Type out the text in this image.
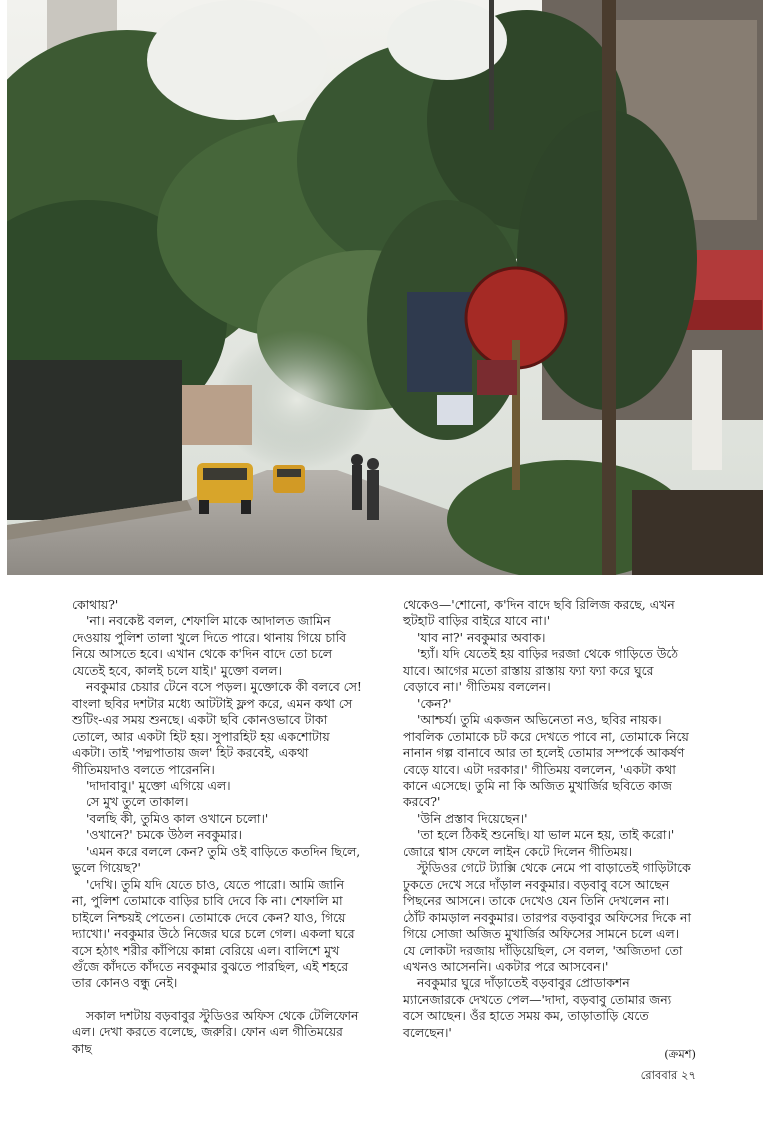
কোথায়?'

'না। নবকেষ্ট বলল, শেফালি মাকে আদালত জামিন দেওয়ায় পুলিশ তালা খুলে দিতে পারে। থানায় গিয়ে চাবি নিয়ে আসতে হবে। এখান থেকে ক'দিন বাদে তো চলে যেতেই হবে, কালই চলে যাই।' মুক্তো বলল।

নবকুমার চেয়ার টেনে বসে পড়ল। মুক্তোকে কী বলবে সে! বাংলা ছবির দশটার মধ্যে আটটাই ফ্লপ করে, এমন কথা সে শুটিং-এর সময় শুনছে। একটা ছবি কোনওভাবে টাকা তোলে, আর একটা হিট হয়। সুপারহিট হয় একশোটায় একটা। তাই 'পদ্মপাতায় জল' হিট করবেই, একথা গীতিময়দাও বলতে পারেননি।

'দাদাবাবু।' মুক্তো এগিয়ে এল।

সে মুখ তুলে তাকাল।

'বলছি কী, তুমিও কাল ওখানে চলো।'

'ওখানে?' চমকে উঠল নবকুমার।

'এমন করে বললে কেন? তুমি ওই বাড়িতে কতদিন ছিলে, ভুলে গিয়েছ?'

'দেখি। তুমি যদি যেতে চাও, যেতে পারো। আমি জানি না, পুলিশ তোমাকে বাড়ির চাবি দেবে কি না। শেফালি মা চাইলে নিশ্চয়ই পেতেন। তোমাকে দেবে কেন? যাও, গিয়ে দ্যাখো।' নবকুমার উঠে নিজের ঘরে চলে গেল। একলা ঘরে বসে হঠাৎ শরীর কাঁপিয়ে কান্না বেরিয়ে এল। বালিশে মুখ গুঁজে কাঁদতে কাঁদতে নবকুমার বুঝতে পারছিল, এই শহরে তার কোনও বন্ধু নেই।

সকাল দশটায় বড়বাবুর স্টুডিওর অফিস থেকে টেলিফোন এল। দেখা করতে বলেছে, জরুরি। ফোন এল গীতিময়ের কাছ

থেকেও—'শোনো, ক'দিন বাদে ছবি রিলিজ করছে, এখন হুটহাট বাড়ির বাইরে যাবে না।'

'যাব না?' নবকুমার অবাক।

'হ্যাঁ। যদি যেতেই হয় বাড়ির দরজা থেকে গাড়িতে উঠে যাবে। আগের মতো রাস্তায় রাস্তায় ফ্যা ফ্যা করে ঘুরে বেড়াবে না।' গীতিময় বললেন।

'কেন?'

'আশ্চর্য। তুমি একজন অভিনেতা নও, ছবির নায়ক। পাবলিক তোমাকে চট করে দেখতে পাবে না, তোমাকে নিয়ে নানান গল্প বানাবে আর তা হলেই তোমার সম্পর্কে আকর্ষণ বেড়ে যাবে। এটা দরকার।' গীতিময় বললেন, 'একটা কথা কানে এসেছে। তুমি না কি অজিত মুখার্জির ছবিতে কাজ করবে?'

'উনি প্রস্তাব দিয়েছেন।'

'তা হলে ঠিকই শুনেছি। যা ভাল মনে হয়, তাই করো।' জোরে শ্বাস ফেলে লাইন কেটে দিলেন গীতিময়।

স্টুডিওর গেটে ট্যাক্সি থেকে নেমে পা বাড়াতেই গাড়িটাকে ঢুকতে দেখে সরে দাঁড়াল নবকুমার। বড়বাবু বসে আছেন পিছনের আসনে। তাকে দেখেও যেন তিনি দেখলেন না। ঠোঁট কামড়াল নবকুমার। তারপর বড়বাবুর অফিসের দিকে না গিয়ে সোজা অজিত মুখার্জির অফিসের সামনে চলে এল। যে লোকটা দরজায় দাঁড়িয়েছিল, সে বলল, 'অজিতদা তো এখনও আসেননি। একটার পরে আসবেন।'

নবকুমার ঘুরে দাঁড়াতেই বড়বাবুর প্রোডাকশন ম্যানেজারকে দেখতে পেল—'দাদা, বড়বাবু তোমার জন্য বসে আছেন। ওঁর হাতে সময় কম, তাড়াতাড়ি যেতে বলেছেন।'

(ক্রমশ)
রোববার ২৭
